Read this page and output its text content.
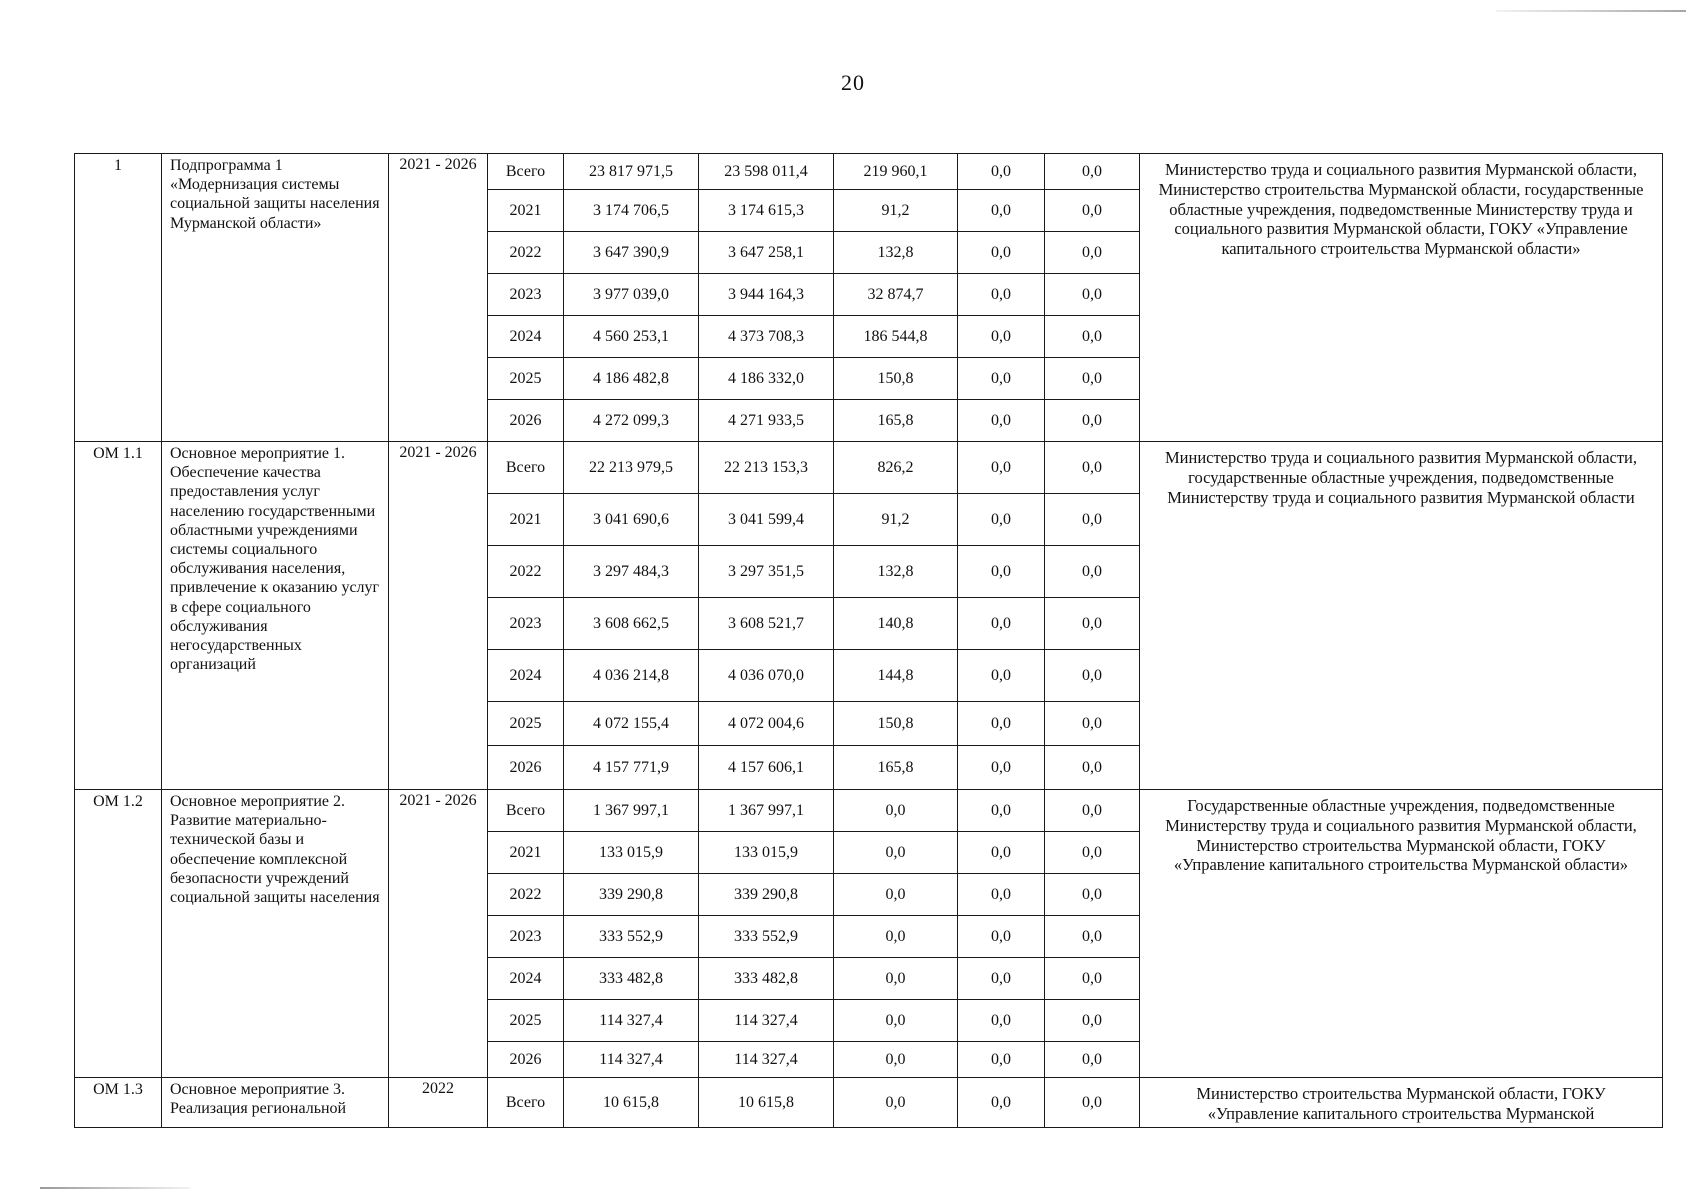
20
1	Подпрограмма 1 «Модернизация системы социальной защиты населения Мурманской области»	2021 - 2026	Всего	23 817 971,5	23 598 011,4	219 960,1	0,0	0,0	Министерство труда и социального развития Мурманской области, Министерство строительства Мурманской области, государственные областные учреждения, подведомственные Министерству труда и социального развития Мурманской области, ГОКУ «Управление капитального строительства Мурманской области»
			2021	3 174 706,5	3 174 615,3	91,2	0,0	0,0	
			2022	3 647 390,9	3 647 258,1	132,8	0,0	0,0	
			2023	3 977 039,0	3 944 164,3	32 874,7	0,0	0,0	
			2024	4 560 253,1	4 373 708,3	186 544,8	0,0	0,0	
			2025	4 186 482,8	4 186 332,0	150,8	0,0	0,0	
			2026	4 272 099,3	4 271 933,5	165,8	0,0	0,0	
ОМ 1.1	Основное мероприятие 1. Обеспечение качества предоставления услуг населению государственными областными учреждениями системы социального обслуживания населения, привлечение к оказанию услуг в сфере социального обслуживания негосударственных организаций	2021 - 2026	Всего	22 213 979,5	22 213 153,3	826,2	0,0	0,0	Министерство труда и социального развития Мурманской области, государственные областные учреждения, подведомственные Министерству труда и социального развития Мурманской области
			2021	3 041 690,6	3 041 599,4	91,2	0,0	0,0	
			2022	3 297 484,3	3 297 351,5	132,8	0,0	0,0	
			2023	3 608 662,5	3 608 521,7	140,8	0,0	0,0	
			2024	4 036 214,8	4 036 070,0	144,8	0,0	0,0	
			2025	4 072 155,4	4 072 004,6	150,8	0,0	0,0	
			2026	4 157 771,9	4 157 606,1	165,8	0,0	0,0	
ОМ 1.2	Основное мероприятие 2. Развитие материально-технической базы и обеспечение комплексной безопасности учреждений социальной защиты населения	2021 - 2026	Всего	1 367 997,1	1 367 997,1	0,0	0,0	0,0	Государственные областные учреждения, подведомственные Министерству труда и социального развития Мурманской области, Министерство строительства Мурманской области, ГОКУ «Управление капитального строительства Мурманской области»
			2021	133 015,9	133 015,9	0,0	0,0	0,0	
			2022	339 290,8	339 290,8	0,0	0,0	0,0	
			2023	333 552,9	333 552,9	0,0	0,0	0,0	
			2024	333 482,8	333 482,8	0,0	0,0	0,0	
			2025	114 327,4	114 327,4	0,0	0,0	0,0	
			2026	114 327,4	114 327,4	0,0	0,0	0,0	
ОМ 1.3	Основное мероприятие 3. Реализация региональной	2022	Всего	10 615,8	10 615,8	0,0	0,0	0,0	Министерство строительства Мурманской области, ГОКУ «Управление капитального строительства Мурманской
